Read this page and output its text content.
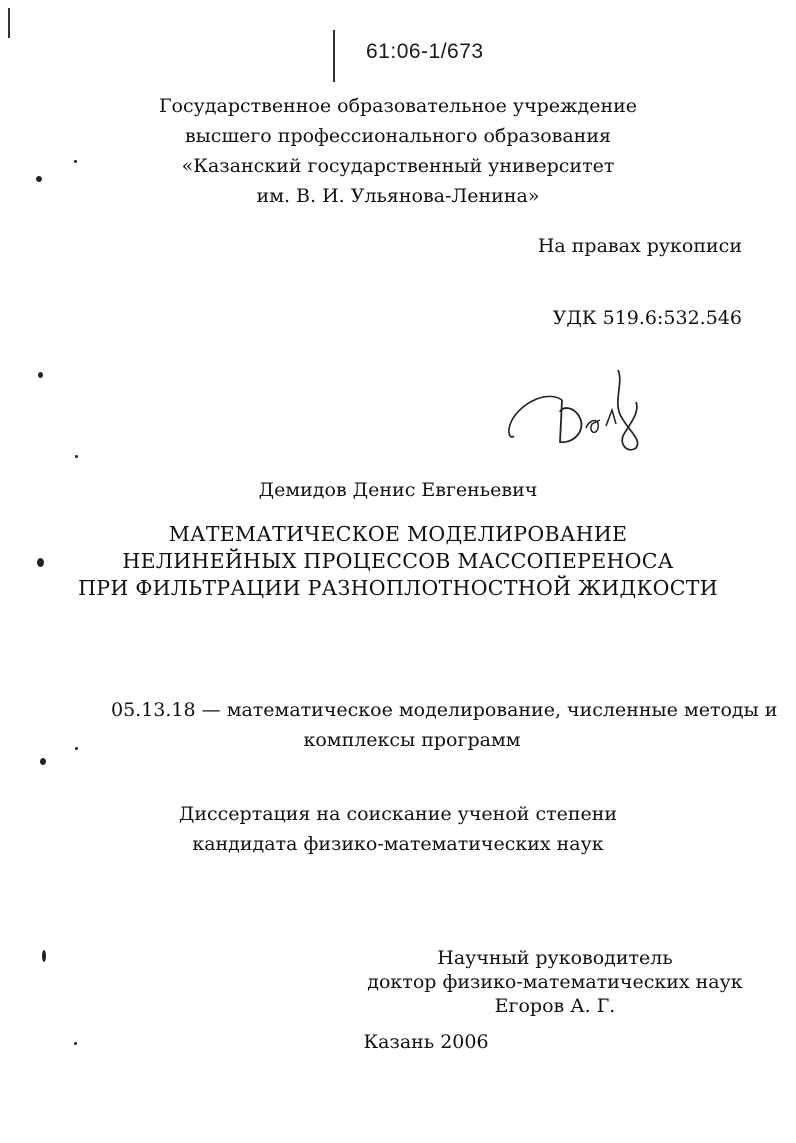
61:06-1/673

Государственное образовательное учреждение
высшего профессионального образования
«Казанский государственный университет
им. В. И. Ульянова-Ленина»

На правах рукописи

УДК 519.6:532.546

Демидов Денис Евгеньевич

МАТЕМАТИЧЕСКОЕ МОДЕЛИРОВАНИЕ
НЕЛИНЕЙНЫХ ПРОЦЕССОВ МАССОПЕРЕНОСА
ПРИ ФИЛЬТРАЦИИ РАЗНОПЛОТНОСТНОЙ ЖИДКОСТИ
05.13.18 — математическое моделирование, численные методы и
комплексы программ
Диссертация на соискание ученой степени
кандидата физико-математических наук
Научный руководитель
доктор физико-математических наук
Егоров А. Г.

Казань 2006
